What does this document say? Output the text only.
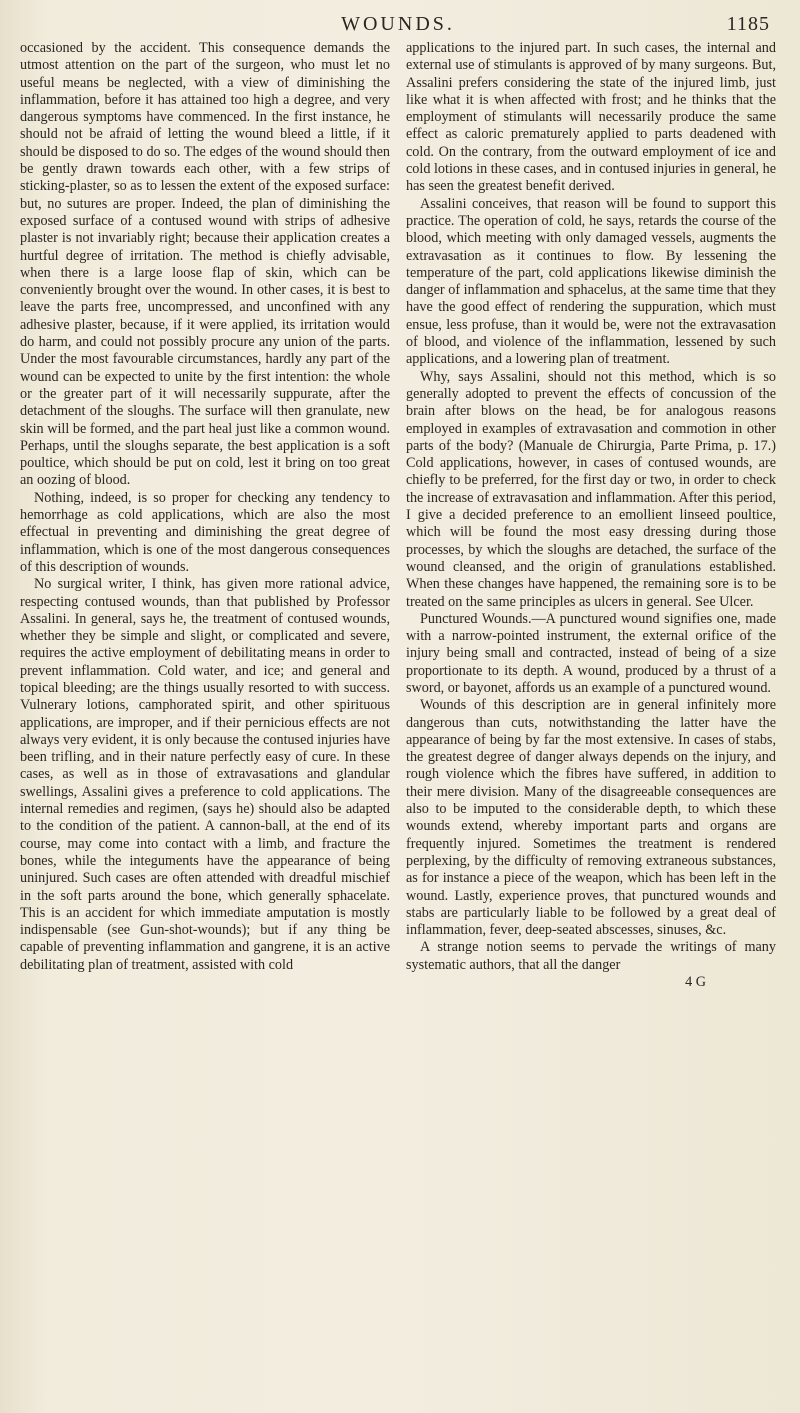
WOUNDS.	1185

occasioned by the accident. This consequence demands the utmost attention on the part of the surgeon, who must let no useful means be neglected, with a view of diminishing the inflammation, before it has attained too high a degree, and very dangerous symptoms have commenced. In the first instance, he should not be afraid of letting the wound bleed a little, if it should be disposed to do so. The edges of the wound should then be gently drawn towards each other, with a few strips of sticking-plaster, so as to lessen the extent of the exposed surface: but, no sutures are proper. Indeed, the plan of diminishing the exposed surface of a contused wound with strips of adhesive plaster is not invariably right; because their application creates a hurtful degree of irritation. The method is chiefly advisable, when there is a large loose flap of skin, which can be conveniently brought over the wound. In other cases, it is best to leave the parts free, uncompressed, and unconfined with any adhesive plaster, because, if it were applied, its irritation would do harm, and could not possibly procure any union of the parts. Under the most favourable circumstances, hardly any part of the wound can be expected to unite by the first intention: the whole or the greater part of it will necessarily suppurate, after the detachment of the sloughs. The surface will then granulate, new skin will be formed, and the part heal just like a common wound. Perhaps, until the sloughs separate, the best application is a soft poultice, which should be put on cold, lest it bring on too great an oozing of blood.

Nothing, indeed, is so proper for checking any tendency to hemorrhage as cold applications, which are also the most effectual in preventing and diminishing the great degree of inflammation, which is one of the most dangerous consequences of this description of wounds.

No surgical writer, I think, has given more rational advice, respecting contused wounds, than that published by Professor Assalini. In general, says he, the treatment of contused wounds, whether they be simple and slight, or complicated and severe, requires the active employment of debilitating means in order to prevent inflammation. Cold water, and ice; and general and topical bleeding; are the things usually resorted to with success. Vulnerary lotions, camphorated spirit, and other spirituous applications, are improper, and if their pernicious effects are not always very evident, it is only because the contused injuries have been trifling, and in their nature perfectly easy of cure. In these cases, as well as in those of extravasations and glandular swellings, Assalini gives a preference to cold applications. The internal remedies and regimen, (says he) should also be adapted to the condition of the patient. A cannon-ball, at the end of its course, may come into contact with a limb, and fracture the bones, while the integuments have the appearance of being uninjured. Such cases are often attended with dreadful mischief in the soft parts around the bone, which generally sphacelate. This is an accident for which immediate amputation is mostly indispensable (see Gun-shot-wounds); but if any thing be capable of preventing inflammation and gangrene, it is an active debilitating plan of treatment, assisted with cold

applications to the injured part. In such cases, the internal and external use of stimulants is approved of by many surgeons. But, Assalini prefers considering the state of the injured limb, just like what it is when affected with frost; and he thinks that the employment of stimulants will necessarily produce the same effect as caloric prematurely applied to parts deadened with cold. On the contrary, from the outward employment of ice and cold lotions in these cases, and in contused injuries in general, he has seen the greatest benefit derived.

Assalini conceives, that reason will be found to support this practice. The operation of cold, he says, retards the course of the blood, which meeting with only damaged vessels, augments the extravasation as it continues to flow. By lessening the temperature of the part, cold applications likewise diminish the danger of inflammation and sphacelus, at the same time that they have the good effect of rendering the suppuration, which must ensue, less profuse, than it would be, were not the extravasation of blood, and violence of the inflammation, lessened by such applications, and a lowering plan of treatment.

Why, says Assalini, should not this method, which is so generally adopted to prevent the effects of concussion of the brain after blows on the head, be for analogous reasons employed in examples of extravasation and commotion in other parts of the body? (Manuale de Chirurgia, Parte Prima, p. 17.) Cold applications, however, in cases of contused wounds, are chiefly to be preferred, for the first day or two, in order to check the increase of extravasation and inflammation. After this period, I give a decided preference to an emollient linseed poultice, which will be found the most easy dressing during those processes, by which the sloughs are detached, the surface of the wound cleansed, and the origin of granulations established. When these changes have happened, the remaining sore is to be treated on the same principles as ulcers in general. See Ulcer.

Punctured Wounds.—A punctured wound signifies one, made with a narrow-pointed instrument, the external orifice of the injury being small and contracted, instead of being of a size proportionate to its depth. A wound, produced by a thrust of a sword, or bayonet, affords us an example of a punctured wound.

Wounds of this description are in general infinitely more dangerous than cuts, notwithstanding the latter have the appearance of being by far the most extensive. In cases of stabs, the greatest degree of danger always depends on the injury, and rough violence which the fibres have suffered, in addition to their mere division. Many of the disagreeable consequences are also to be imputed to the considerable depth, to which these wounds extend, whereby important parts and organs are frequently injured. Sometimes the treatment is rendered perplexing, by the difficulty of removing extraneous substances, as for instance a piece of the weapon, which has been left in the wound. Lastly, experience proves, that punctured wounds and stabs are particularly liable to be followed by a great deal of inflammation, fever, deep-seated abscesses, sinuses, &c.

A strange notion seems to pervade the writings of many systematic authors, that all the danger

4 G
